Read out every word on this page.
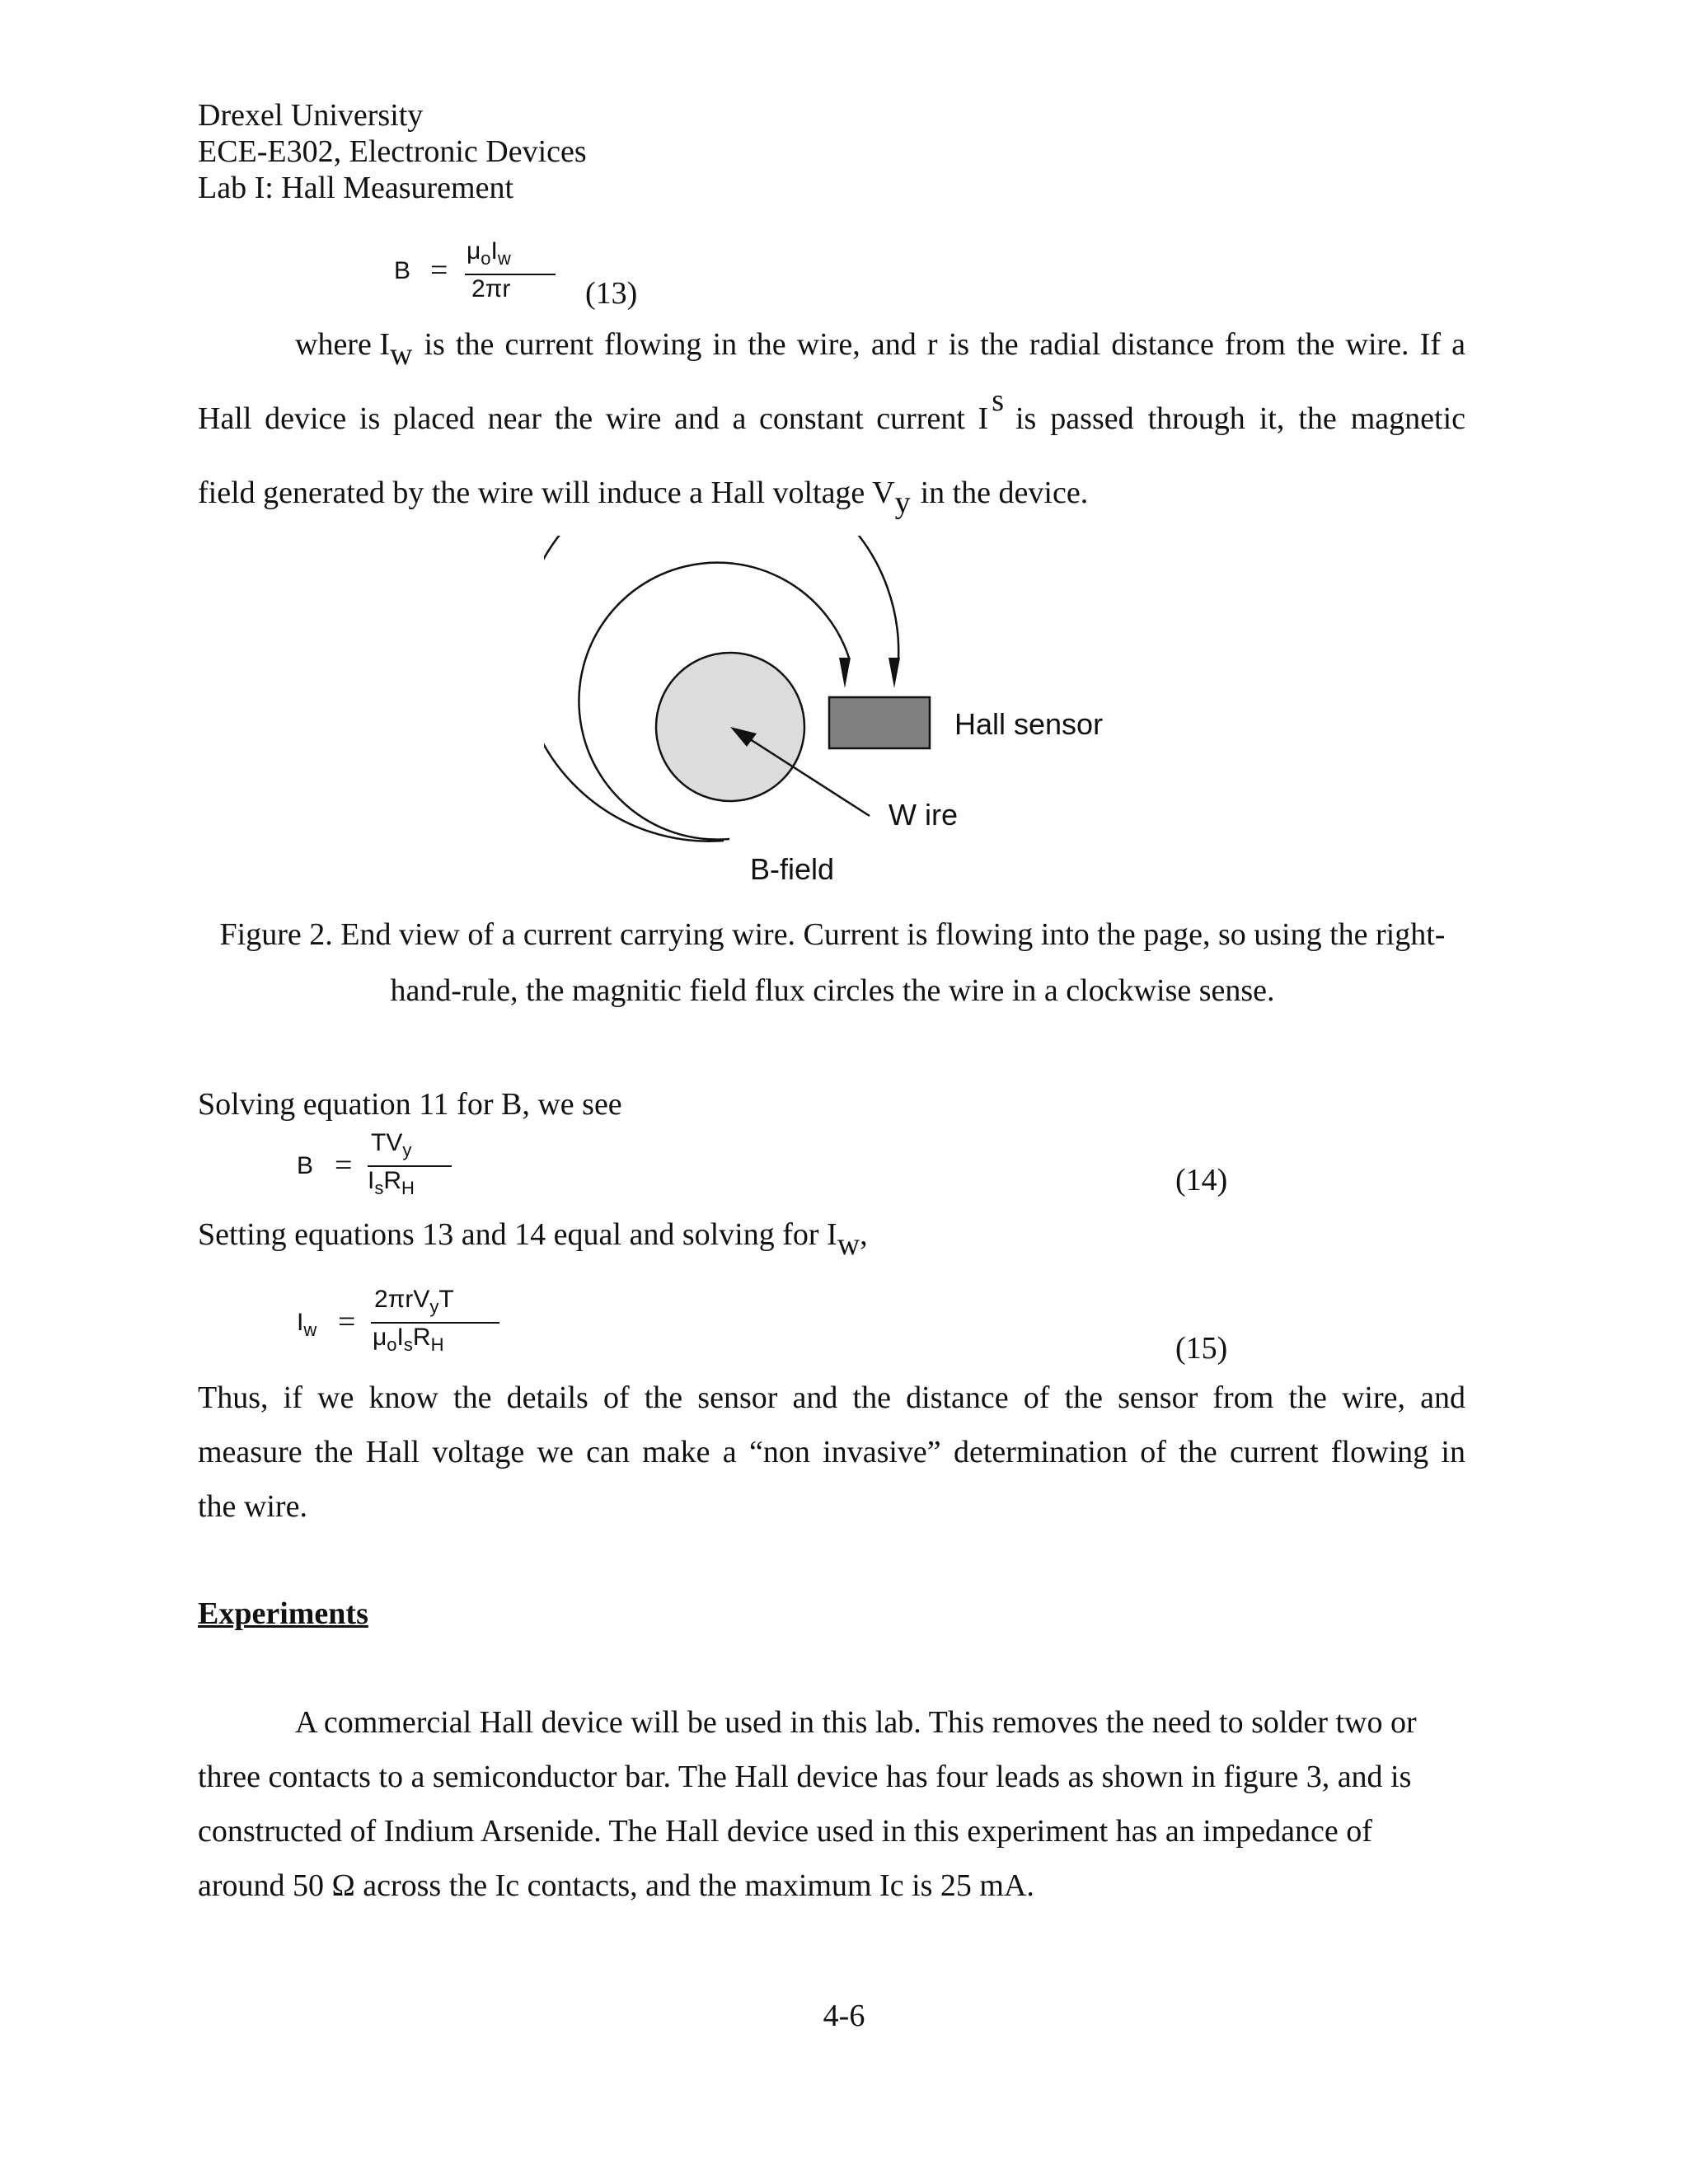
Drexel University
ECE-E302, Electronic Devices
Lab I: Hall Measurement
B =
$\mu_oI_w$
2πr (13)
where $I_w$ is the current flowing in the wire, and r is the radial distance from the wire. If a
Hall device is placed near the wire and a constant current I
s
is passed through it, the magnetic
field generated by the wire will induce a Hall voltage $V_y$ in the device.
Hall sensor
W ire
B-field
Figure 2. End view of a current carrying wire. Current is flowing into the page, so using the right-
hand-rule, the magnitic field flux circles the wire in a clockwise sense.
Solving equation 11 for B, we see
B =
$TV_y$
$I_sR_H$	(14)
Setting equations 13 and 14 equal and solving for $I_w$,
$I_w$ =
2πrV$_y$T
$\mu_oI_sR_H$	(15)
Thus, if we know the details of the sensor and the distance of the sensor from the wire, and
measure the Hall voltage we can make a “non invasive” determination of the current flowing in
the wire.
Experiments
A commercial Hall device will be used in this lab. This removes the need to solder two or
three contacts to a semiconductor bar. The Hall device has four leads as shown in figure 3, and is
constructed of Indium Arsenide. The Hall device used in this experiment has an impedance of
around 50 Ω across the Ic contacts, and the maximum Ic is 25 mA.
4-6
